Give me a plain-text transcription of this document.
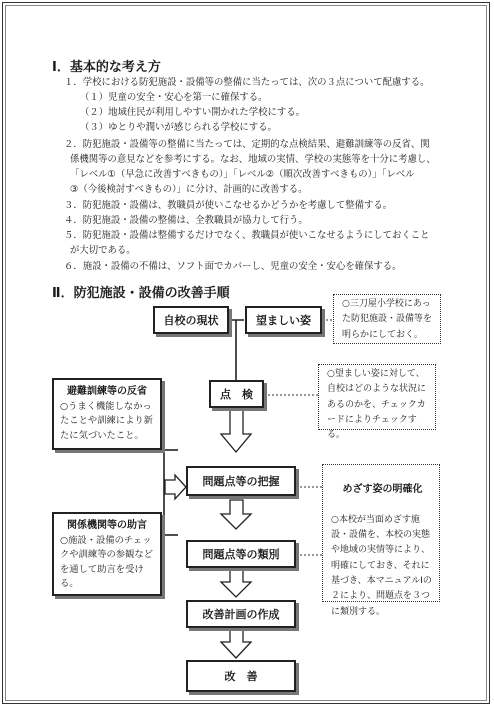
Ⅰ．基本的な考え方
１．学校における防犯施設・設備等の整備に当たっては、次の３点について配慮する。
（１）児童の安全・安心を第一に確保する。
（２）地域住民が利用しやすい開かれた学校にする。
（３）ゆとりや潤いが感じられる学校にする。
２．防犯施設・設備等の整備に当たっては、定期的な点検結果、避難訓練等の反省、関
係機関等の意見などを参考にする。なお、地域の実情、学校の実態等を十分に考慮し、
「レベル①（早急に改善すべきもの）」「レベル②（順次改善すべきもの）」「レベル
③（今後検討すべきもの）」に分け、計画的に改善する。
３．防犯施設・設備は、教職員が使いこなせるかどうかを考慮して整備する。
４．防犯施設・設備の整備は、全教職員が協力して行う。
５．防犯施設・設備は整備するだけでなく、教職員が使いこなせるようにしておくこと
が大切である。
６．施設・設備の不備は、ソフト面でカバーし、児童の安全・安心を確保する。
Ⅱ．防犯施設・設備の改善手順
自校の現状	望ましい姿
点　検
問題点等の把握
問題点等の類別
改善計画の作成
改　善
○三刀屋小学校にあった防犯施設・設備等を明らかにしておく。
○望ましい姿に対して、自校はどのような状況にあるのかを、チェックカードによりチェックする。

めざす姿の明確化

○本校が当面めざす施設・設備を、本校の実態や地域の実情等により、明確にしておき、それに基づき、本マニュアルⅠの２により、問題点を３つに類別する。

避難訓練等の反省
○うまく機能しなかったことや訓練により新たに気づいたこと。
関係機関等の助言
○施設・設備のチェックや訓練等の参観などを通して助言を受ける。
